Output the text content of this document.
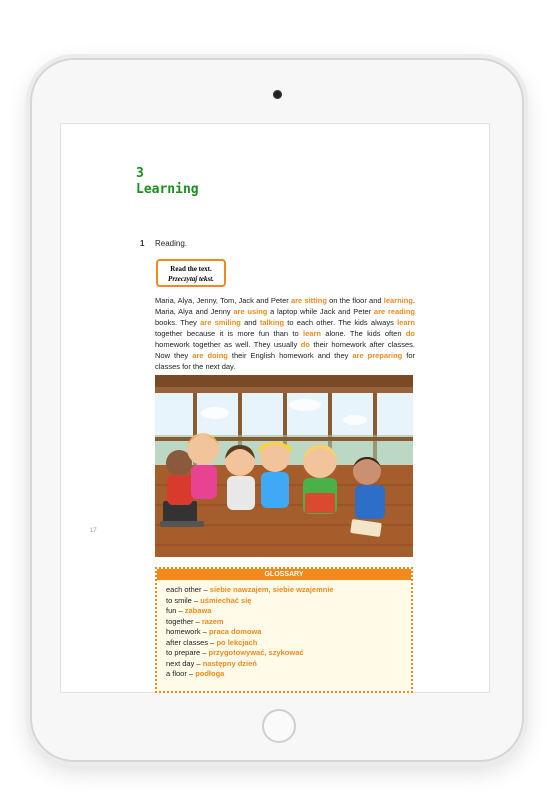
3
Learning
1 Reading.
Read the text.
Przeczytaj tekst.
Maria, Alya, Jenny, Tom, Jack and Peter are sitting on the floor and learning. Maria, Alya and Jenny are using a laptop while Jack and Peter are reading books. They are smiling and talking to each other. The kids always learn together because it is more fun than to learn alone. The kids often do homework together as well. They usually do their homework after classes. Now they are doing their English homework and they are preparing for classes for the next day.
17
GLOSSARY
each other – siebie nawzajem, siebie wzajemnie
to smile – uśmiechać się
fun – zabawa
together – razem
homework – praca domowa
after classes – po lekcjach
to prepare – przygotowywać, szykować
next day – następny dzień
a floor – podłoga
